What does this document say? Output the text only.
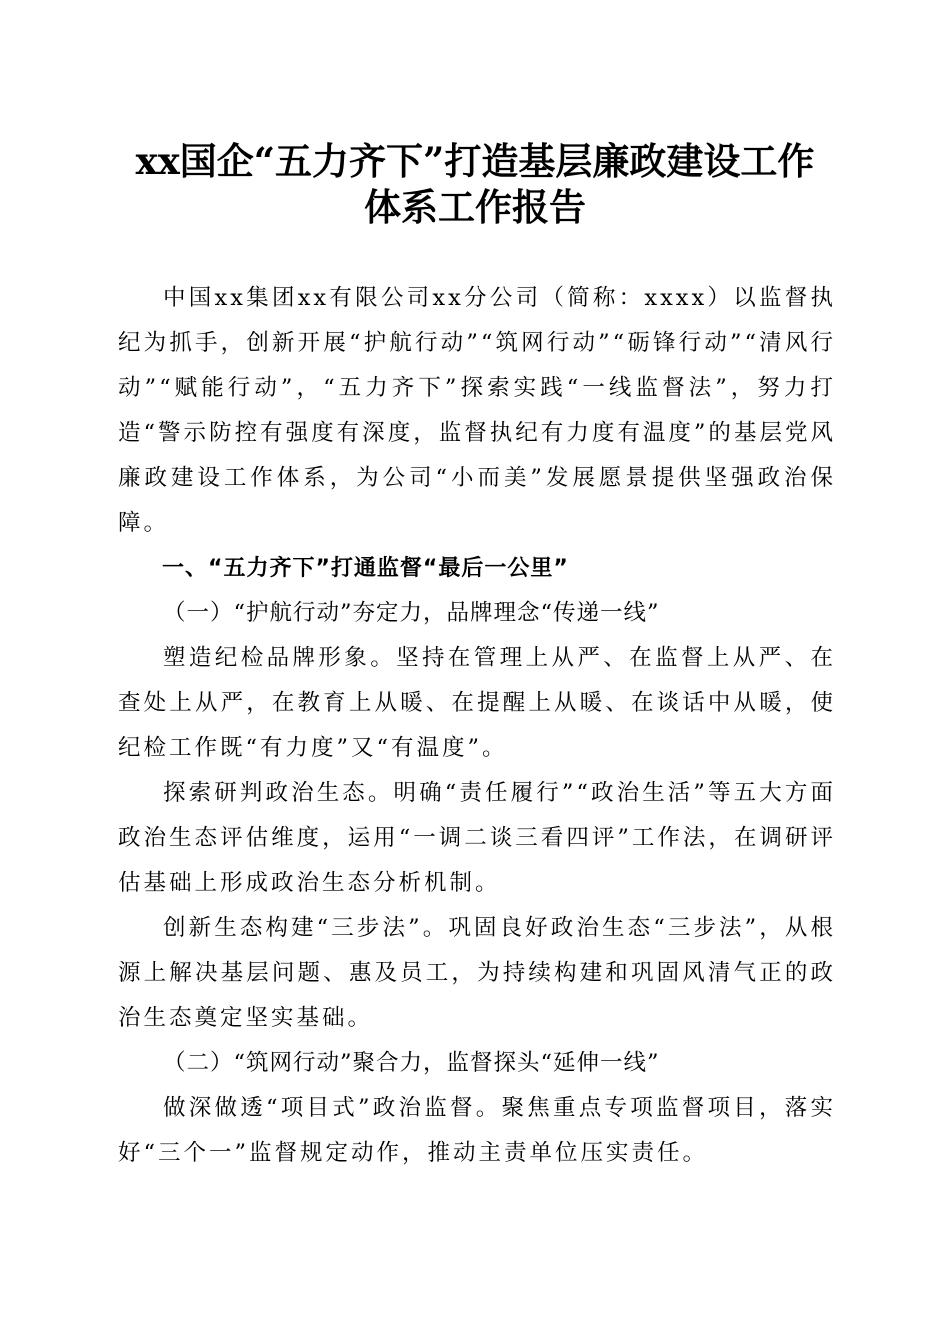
xx国企“五力齐下”打造基层廉政建设工作
体系工作报告

中国xx集团xx有限公司xx分公司（简称：xxxx）以监督执纪为抓手，创新开展“护航行动”“筑网行动”“砺锋行动”“清风行动”“赋能行动”，“五力齐下”探索实践“一线监督法”，努力打造“警示防控有强度有深度，监督执纪有力度有温度”的基层党风廉政建设工作体系，为公司“小而美”发展愿景提供坚强政治保障。

一、“五力齐下”打通监督“最后一公里”

（一）“护航行动”夯定力，品牌理念“传递一线”

塑造纪检品牌形象。坚持在管理上从严、在监督上从严、在查处上从严，在教育上从暖、在提醒上从暖、在谈话中从暖，使纪检工作既“有力度”又“有温度”。

探索研判政治生态。明确“责任履行”“政治生活”等五大方面政治生态评估维度，运用“一调二谈三看四评”工作法，在调研评估基础上形成政治生态分析机制。

创新生态构建“三步法”。巩固良好政治生态“三步法”，从根源上解决基层问题、惠及员工，为持续构建和巩固风清气正的政治生态奠定坚实基础。

（二）“筑网行动”聚合力，监督探头“延伸一线”

做深做透“项目式”政治监督。聚焦重点专项监督项目，落实好“三个一”监督规定动作，推动主责单位压实责任。
